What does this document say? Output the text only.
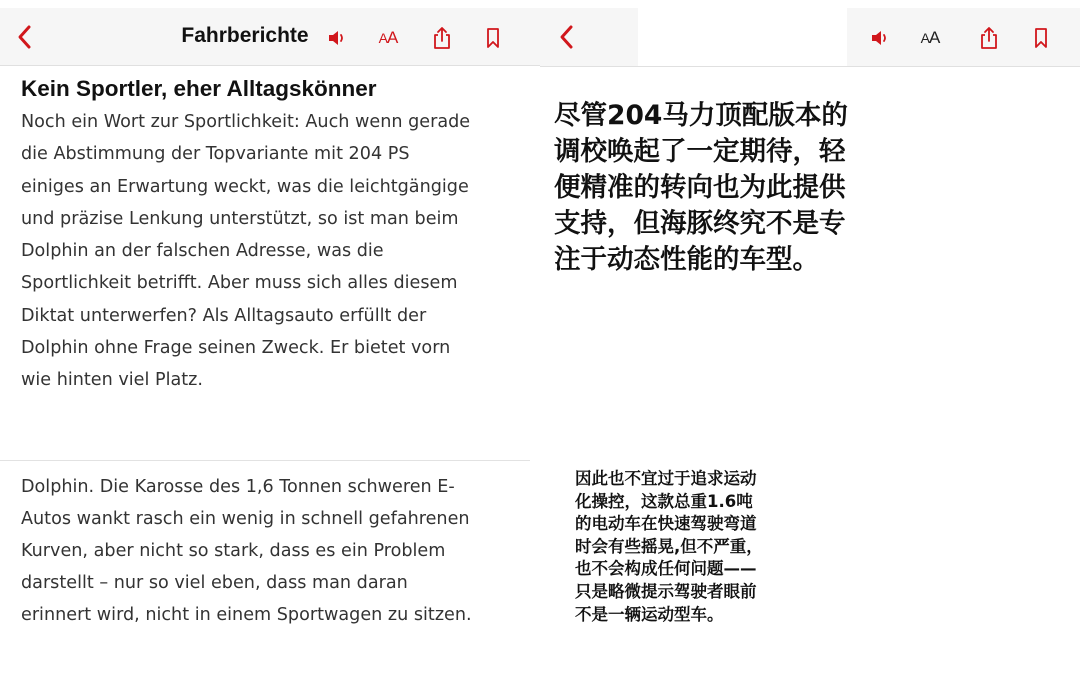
Fahrberichte	A A
Kein Sportler, eher Alltagskönner
Noch ein Wort zur Sportlichkeit: Auch wenn gerade
die Abstimmung der Topvariante mit 204 PS
einiges an Erwartung weckt, was die leichtgängige
und präzise Lenkung unterstützt, so ist man beim
Dolphin an der falschen Adresse, was die
Sportlichkeit betrifft. Aber muss sich alles diesem
Diktat unterwerfen? Als Alltagsauto erfüllt der
Dolphin ohne Frage seinen Zweck. Er bietet vorn
wie hinten viel Platz.
Dolphin. Die Karosse des 1,6 Tonnen schweren E-
Autos wankt rasch ein wenig in schnell gefahrenen
Kurven, aber nicht so stark, dass es ein Problem
darstellt – nur so viel eben, dass man daran
erinnert wird, nicht in einem Sportwagen zu sitzen.
A A
尽管204马力顶配版本的
调校唤起了一定期待，轻
便精准的转向也为此提供
支持，但海豚终究不是专
注于动态性能的车型。
因此也不宜过于追求运动
化操控，这款总重1.6吨
的电动车在快速驾驶弯道
时会有些摇晃,但不严重，
也不会构成任何问题——
只是略微提示驾驶者眼前
不是一辆运动型车。
